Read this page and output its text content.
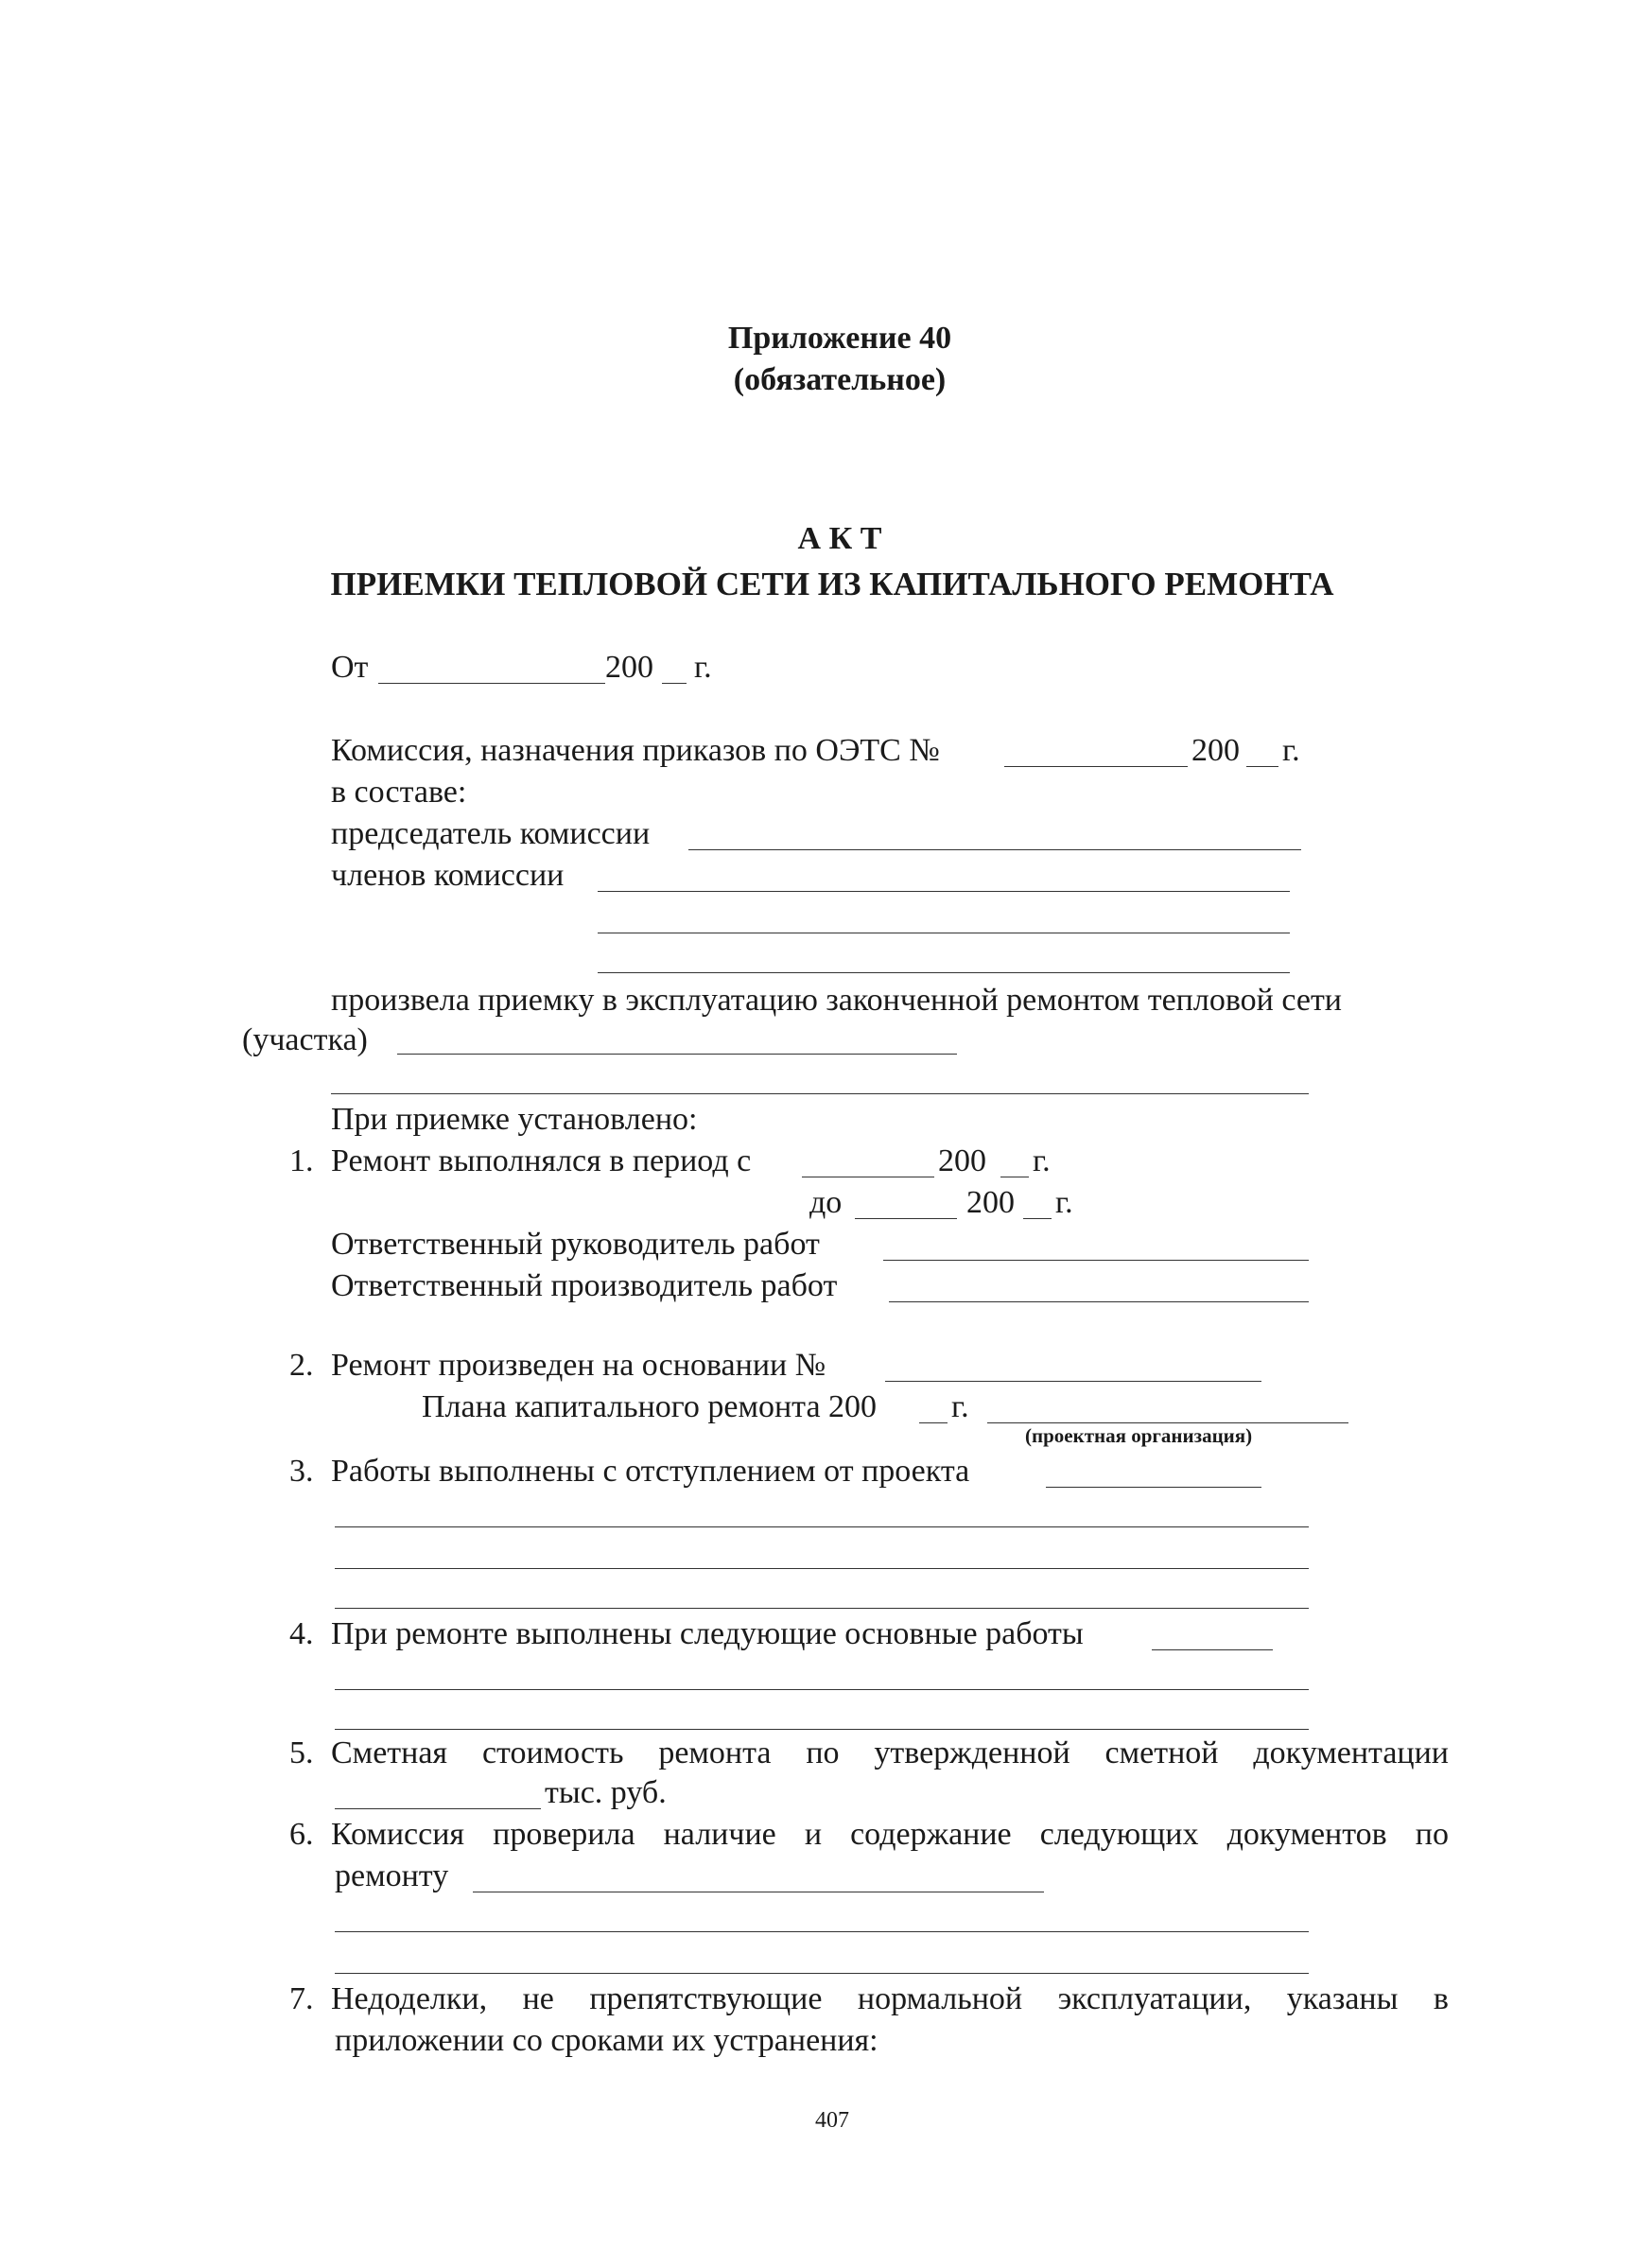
Приложение 40
(обязательное)
А К Т
ПРИЕМКИ ТЕПЛОВОЙ СЕТИ ИЗ КАПИТАЛЬНОГО РЕМОНТА
От	200 г.
Комиссия, назначения приказов по ОЭТС №	200 г.
в составе:
председатель комиссии
членов комиссии
произвела приемку в эксплуатацию законченной ремонтом тепловой сети
(участка)
При приемке установлено:
1. Ремонт выполнялся в период с	200 г.
до	200 г.
Ответственный руководитель работ
Ответственный производитель работ
2. Ремонт произведен на основании №
Плана капитального ремонта 200 г.
(проектная организация)
3. Работы выполнены с отступлением от проекта
4. При ремонте выполнены следующие основные работы
5. Сметная стоимость ремонта по утвержденной сметной документации
тыс. руб.
6. Комиссия проверила наличие и содержание следующих документов по
ремонту
7. Недоделки, не препятствующие нормальной эксплуатации, указаны в
приложении со сроками их устранения:
407
